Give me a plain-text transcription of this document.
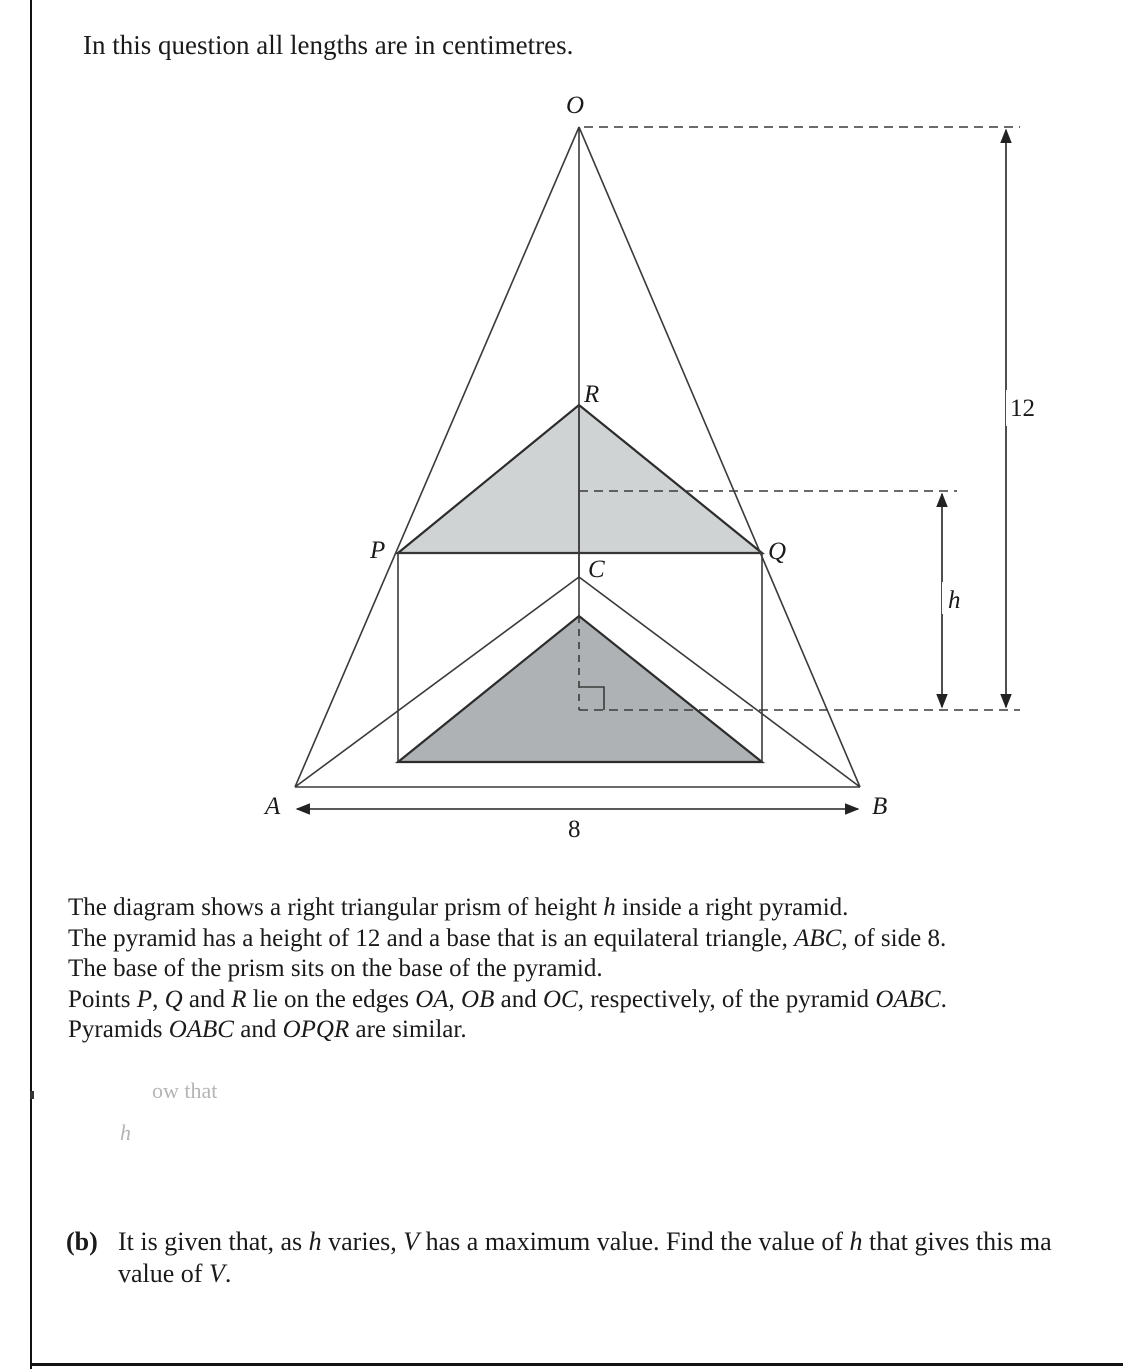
In this question all lengths are in centimetres.
O
R
P	Q
C
A	B
h
12
8

The diagram shows a right triangular prism of height h inside a right pyramid.

The pyramid has a height of 12 and a base that is an equilateral triangle, ABC, of side 8.

The base of the prism sits on the base of the pyramid.

Points P, Q and R lie on the edges OA, OB and OC, respectively, of the pyramid OABC.

Pyramids OABC and OPQR are similar.

ow that
h
(b) It is given that, as h varies, V has a maximum value. Find the value of h that gives this ma
value of V.
